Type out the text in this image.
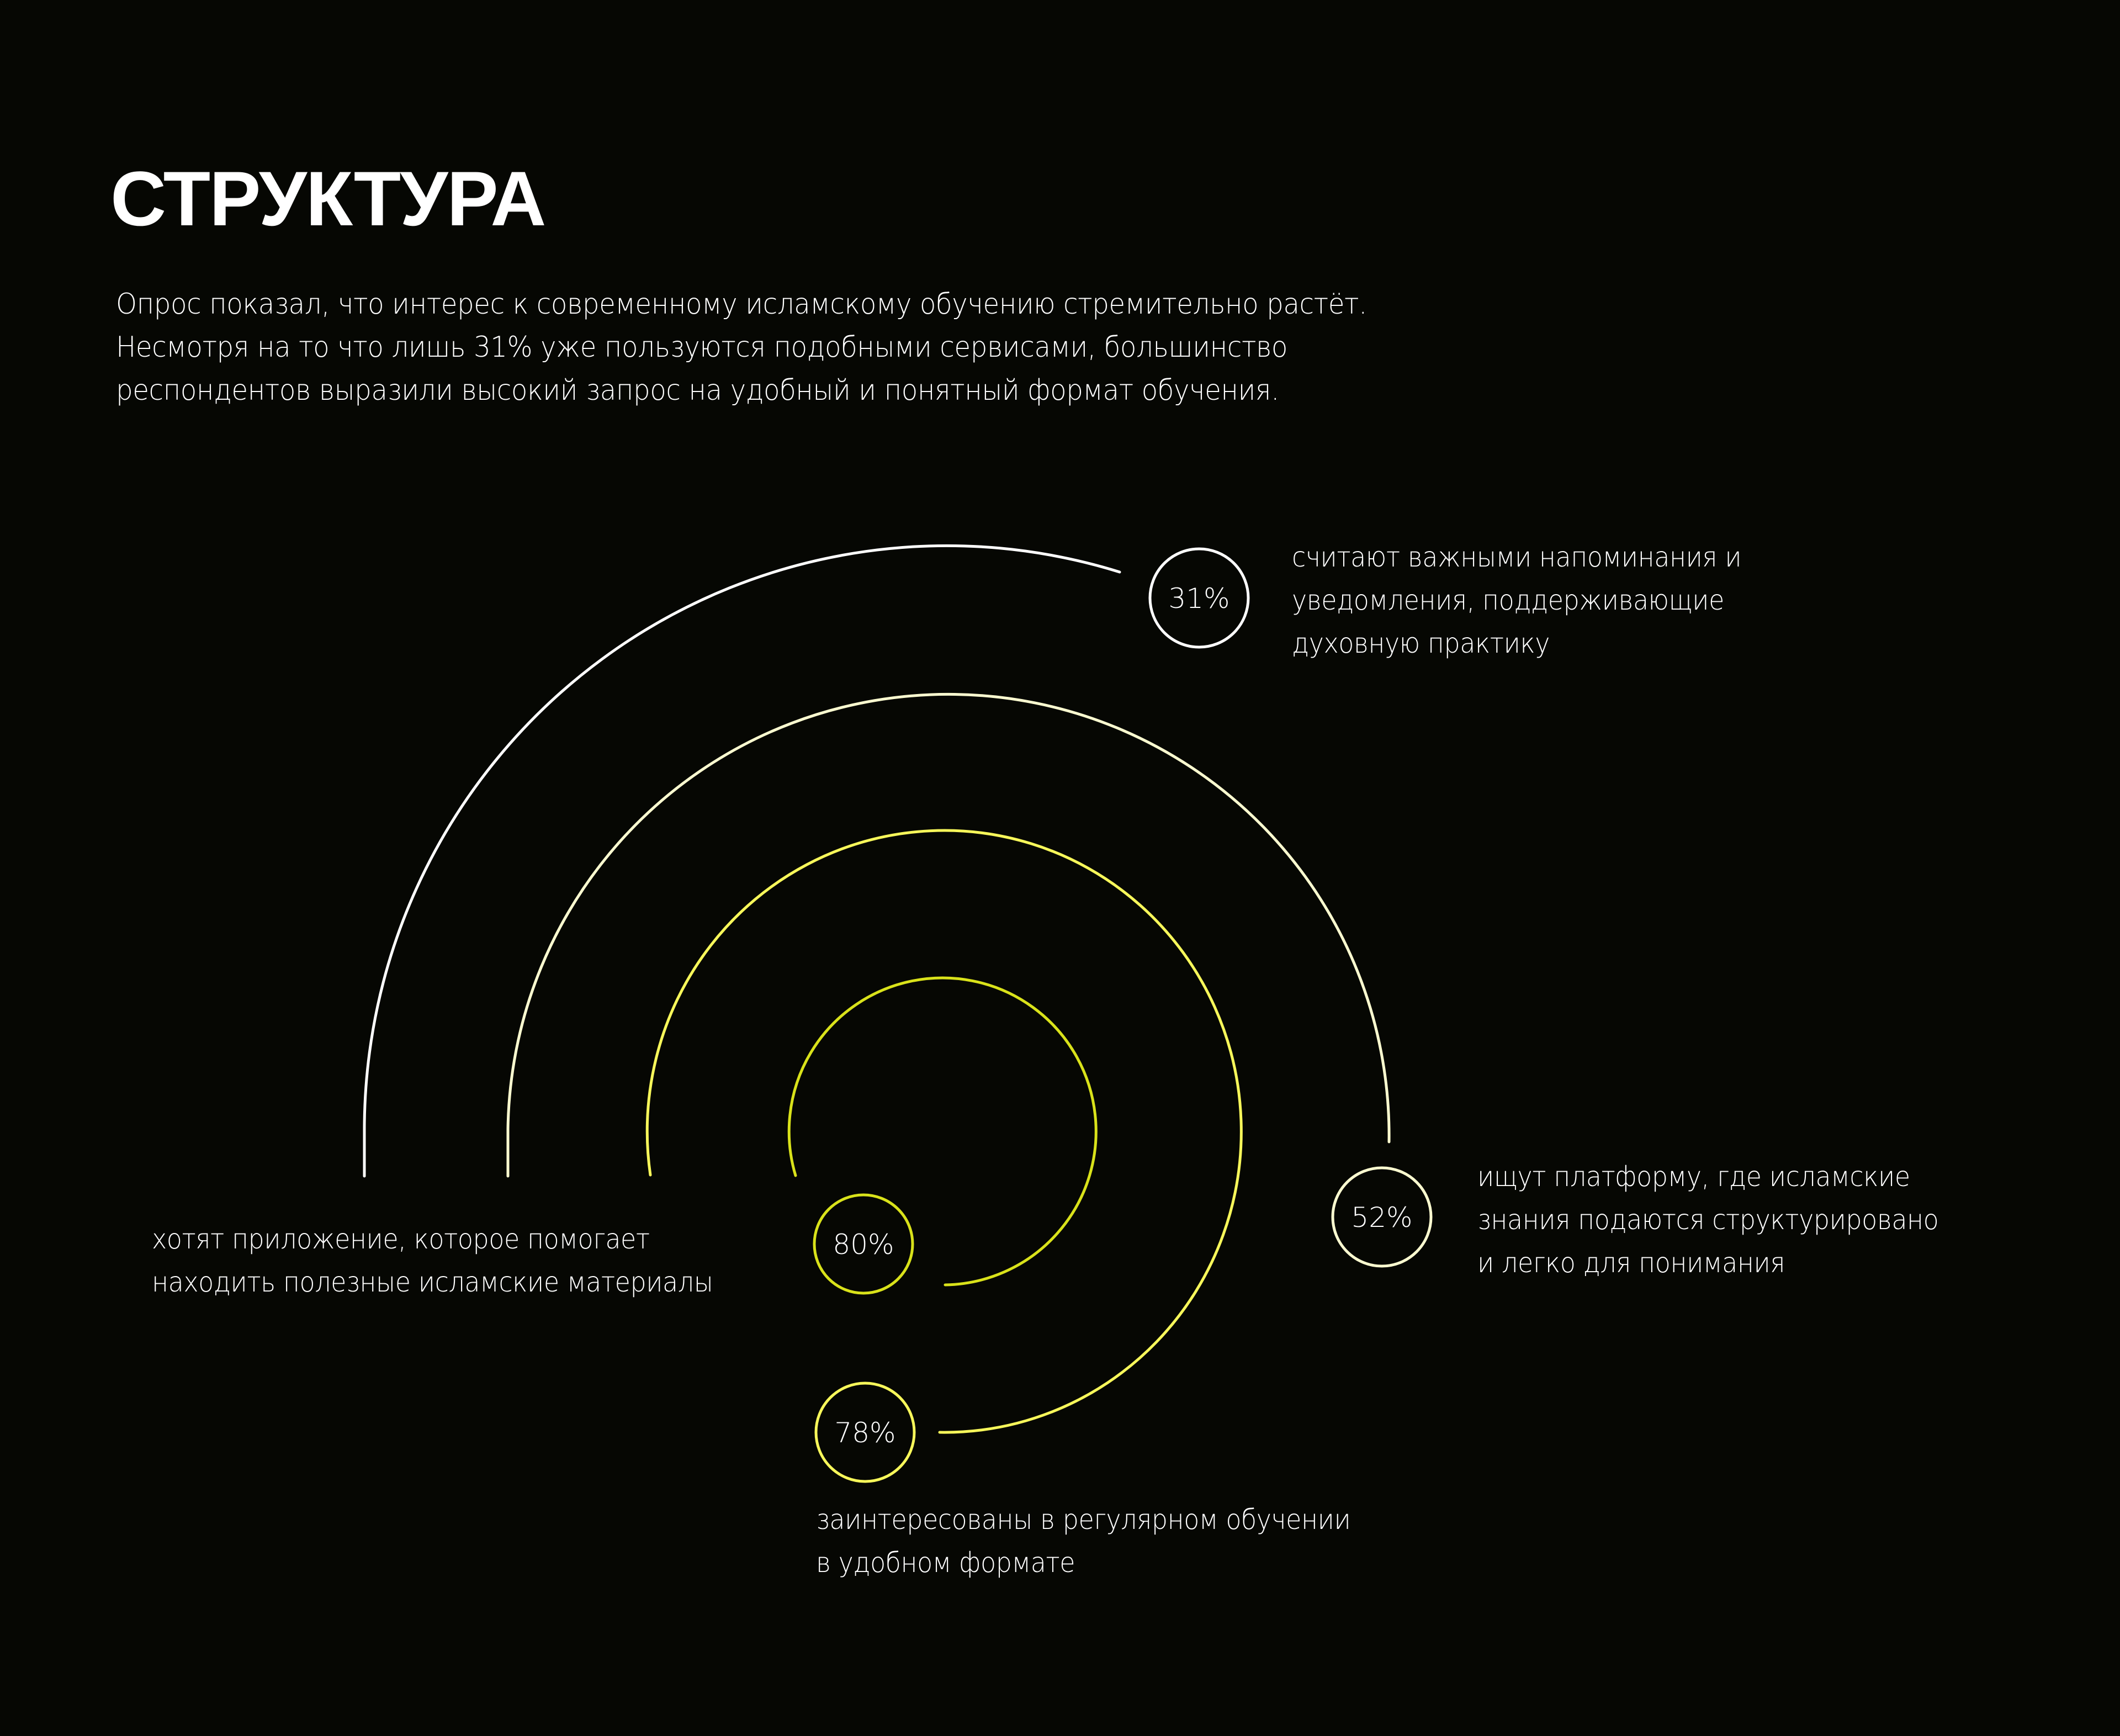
СТРУКТУРА
Опрос показал, что интерес к современному исламскому обучению стремительно растёт.
Несмотря на то что лишь 31% уже пользуются подобными сервисами, большинство
респондентов выразили высокий запрос на удобный и понятный формат обучения.
31%
52%
80%
78%
считают важными напоминания и
уведомления, поддерживающие
духовную практику
ищут платформу, где исламские
знания подаются структурировано
и легко для понимания
хотят приложение, которое помогает
находить полезные исламские материалы
заинтересованы в регулярном обучении
в удобном формате
